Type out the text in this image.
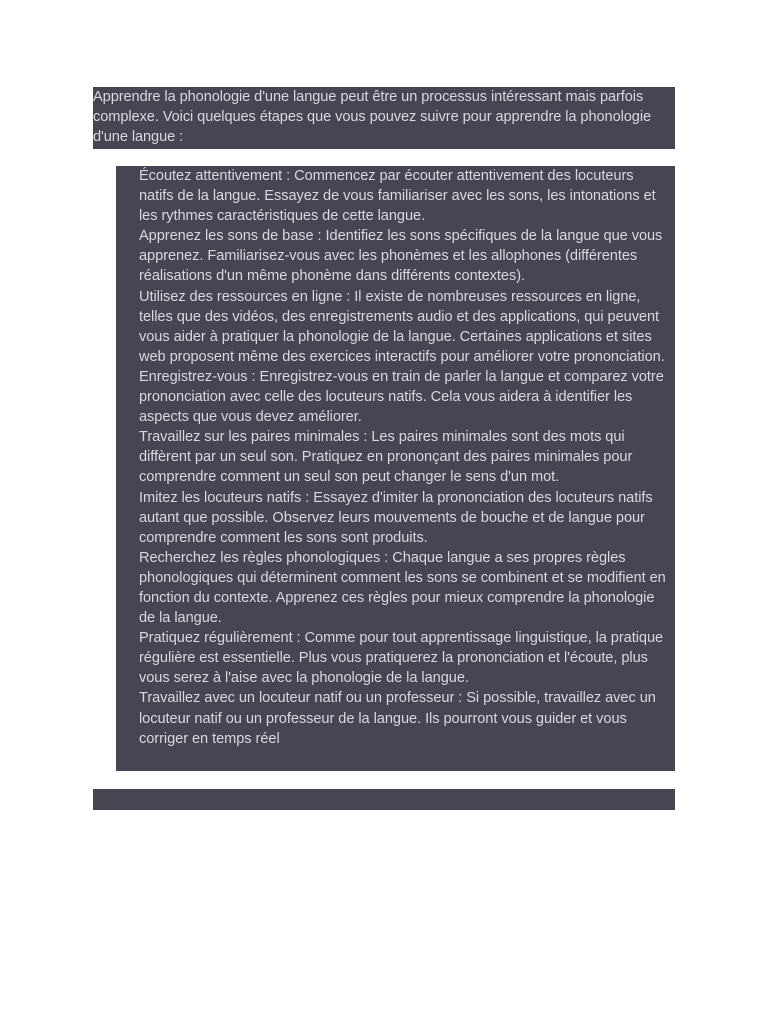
Apprendre la phonologie d'une langue peut être un processus intéressant mais parfois complexe. Voici quelques étapes que vous pouvez suivre pour apprendre la phonologie d'une langue :
Écoutez attentivement : Commencez par écouter attentivement des locuteurs natifs de la langue. Essayez de vous familiariser avec les sons, les intonations et les rythmes caractéristiques de cette langue.
Apprenez les sons de base : Identifiez les sons spécifiques de la langue que vous apprenez. Familiarisez-vous avec les phonèmes et les allophones (différentes réalisations d'un même phonème dans différents contextes).
Utilisez des ressources en ligne : Il existe de nombreuses ressources en ligne, telles que des vidéos, des enregistrements audio et des applications, qui peuvent vous aider à pratiquer la phonologie de la langue. Certaines applications et sites web proposent même des exercices interactifs pour améliorer votre prononciation.
Enregistrez-vous : Enregistrez-vous en train de parler la langue et comparez votre prononciation avec celle des locuteurs natifs. Cela vous aidera à identifier les aspects que vous devez améliorer.
Travaillez sur les paires minimales : Les paires minimales sont des mots qui diffèrent par un seul son. Pratiquez en prononçant des paires minimales pour comprendre comment un seul son peut changer le sens d'un mot.
Imitez les locuteurs natifs : Essayez d'imiter la prononciation des locuteurs natifs autant que possible. Observez leurs mouvements de bouche et de langue pour comprendre comment les sons sont produits.
Recherchez les règles phonologiques : Chaque langue a ses propres règles phonologiques qui déterminent comment les sons se combinent et se modifient en fonction du contexte. Apprenez ces règles pour mieux comprendre la phonologie de la langue.
Pratiquez régulièrement : Comme pour tout apprentissage linguistique, la pratique régulière est essentielle. Plus vous pratiquerez la prononciation et l'écoute, plus vous serez à l'aise avec la phonologie de la langue.
Travaillez avec un locuteur natif ou un professeur : Si possible, travaillez avec un locuteur natif ou un professeur de la langue. Ils pourront vous guider et vous corriger en temps réel
